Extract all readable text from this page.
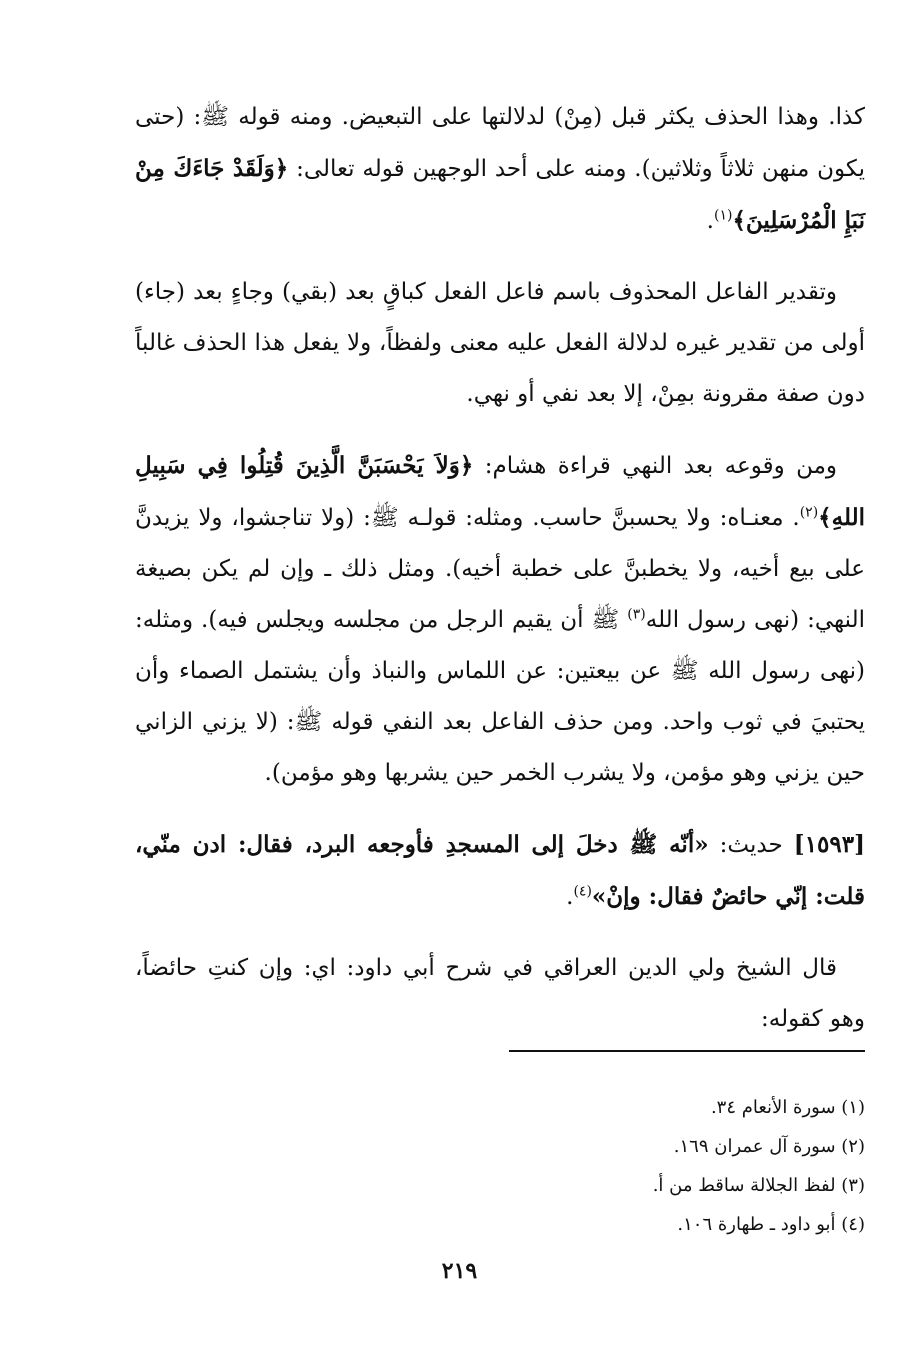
كذا. وهذا الحذف يكثر قبل (مِنْ) لدلالتها على التبعيض. ومنه قوله ﷺ: (حتى يكون منهن ثلاثاً وثلاثين). ومنه على أحد الوجهين قوله تعالى: ﴿وَلَقَدْ جَاءَكَ مِنْ نَبَإِ الْمُرْسَلِينَ﴾$^{(١)}$.

وتقدير الفاعل المحذوف باسم فاعل الفعل كباقٍ بعد (بقي) وجاءٍ بعد (جاء) أولى من تقدير غيره لدلالة الفعل عليه معنى ولفظاً، ولا يفعل هذا الحذف غالباً دون صفة مقرونة بمِنْ، إلا بعد نفي أو نهي.

ومن وقوعه بعد النهي قراءة هشام: ﴿وَلاَ يَحْسَبَنَّ الَّذِينَ قُتِلُوا فِي سَبِيلِ اللهِ﴾$^{(٢)}$. معنـاه: ولا يحسبنَّ حاسب. ومثله: قولـه ﷺ: (ولا تناجشوا، ولا يزيدنَّ على بيع أخيه، ولا يخطبنَّ على خطبة أخيه). ومثل ذلك ـ وإن لم يكن بصيغة النهي: (نهى رسول الله$^{(٣)}$ ﷺ أن يقيم الرجل من مجلسه ويجلس فيه). ومثله: (نهى رسول الله ﷺ عن بيعتين: عن اللماس والنباذ وأن يشتمل الصماء وأن يحتبيَ في ثوب واحد. ومن حذف الفاعل بعد النفي قوله ﷺ: (لا يزني الزاني حين يزني وهو مؤمن، ولا يشرب الخمر حين يشربها وهو مؤمن).

[١٥٩٣] حديث: «أنّه ﷺ دخلَ إلى المسجدِ فأوجعه البرد، فقال: ادن منّي، قلت: إنّي حائضٌ فقال: وإنْ»$^{(٤)}$.

قال الشيخ ولي الدين العراقي في شرح أبي داود: اي: وإن كنتِ حائضاً، وهو كقوله:

(١) سورة الأنعام ٣٤.
(٢) سورة آل عمران ١٦٩.
(٣) لفظ الجلالة ساقط من أ.
(٤) أبو داود ـ طهارة ١٠٦.
٢١٩
